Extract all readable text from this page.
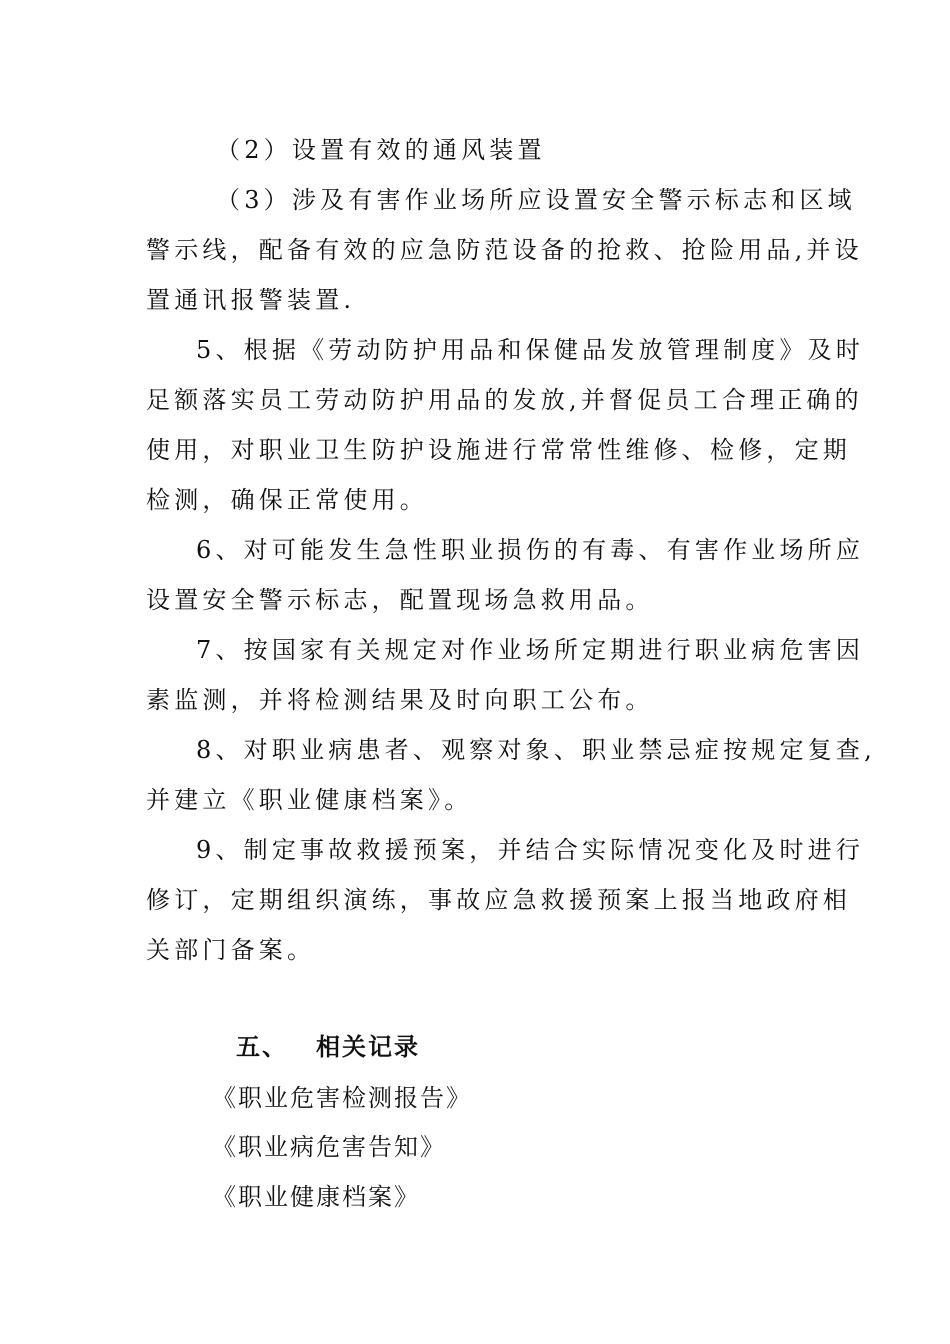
（2）设置有效的通风装置
（3）涉及有害作业场所应设置安全警示标志和区域
警示线，配备有效的应急防范设备的抢救、抢险用品,并设
置通讯报警装置.
5、根据《劳动防护用品和保健品发放管理制度》及时
足额落实员工劳动防护用品的发放,并督促员工合理正确的
使用，对职业卫生防护设施进行常常性维修、检修，定期
检测，确保正常使用。
6、对可能发生急性职业损伤的有毒、有害作业场所应
设置安全警示标志，配置现场急救用品。
7、按国家有关规定对作业场所定期进行职业病危害因
素监测，并将检测结果及时向职工公布。
8、对职业病患者、观察对象、职业禁忌症按规定复查,
并建立《职业健康档案》。
9、制定事故救援预案，并结合实际情况变化及时进行
修订，定期组织演练，事故应急救援预案上报当地政府相
关部门备案。
五、 相关记录
《职业危害检测报告》
《职业病危害告知》
《职业健康档案》
